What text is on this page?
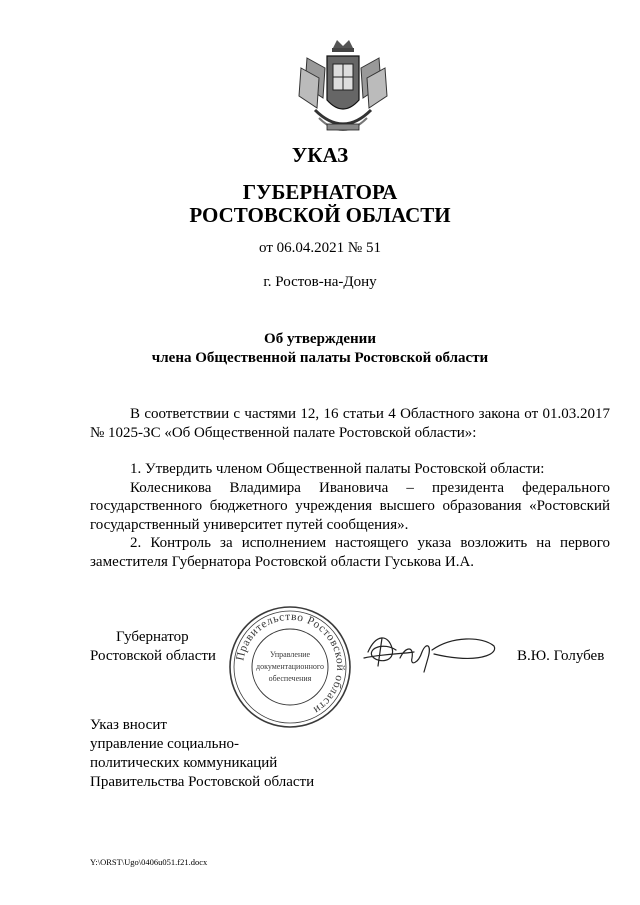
УКАЗ
ГУБЕРНАТОРА
РОСТОВСКОЙ ОБЛАСТИ
от 06.04.2021 № 51
г. Ростов-на-Дону
Об утверждении
члена Общественной палаты Ростовской области

В соответствии с частями 12, 16 статьи 4 Областного закона от 01.03.2017

№ 1025-ЗС «Об Общественной палате Ростовской области»:

1. Утвердить членом Общественной палаты Ростовской области:

Колесникова Владимира Ивановича – президента федерального государственного бюджетного учреждения высшего образования «Ростовский государственный университет путей сообщения».

2. Контроль за исполнением настоящего указа возложить на первого заместителя Губернатора Ростовской области Гуськова И.А.

Губернатор
Ростовской области	В.Ю. Голубев
Правительство Ростовской области
Управление
документационного
обеспечения
Указ вносит
управление социально-
политических коммуникаций
Правительства Ростовской области
Y:\ORST\Ugo\0406u051.f21.docx
